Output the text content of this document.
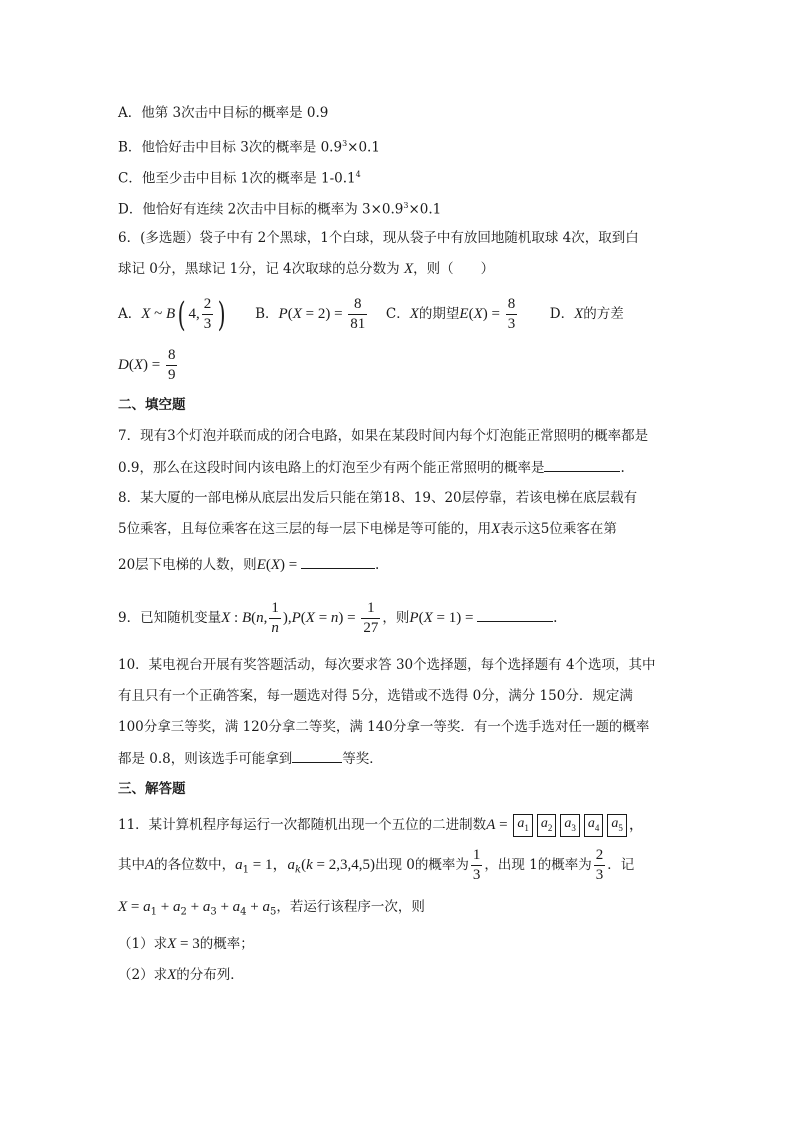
A．他第 3次击中目标的概率是 0.9
B．他恰好击中目标 3次的概率是 $0.9^3\times 0.1$
C．他至少击中目标 1次的概率是 $1-0.1^4$
D．他恰好有连续 2次击中目标的概率为 $3\times 0.9^3\times 0.1$
6．(多选题）袋子中有 2个黑球，1个白球，现从袋子中有放回地随机取球 4次，取到白
球记 0分，黑球记 1分，记 4次取球的总分数为 X，则（　　）
A．X ~ B( 4, $\frac{2}{3}$ ) B．$P(X = 2) = \frac{8}{81}$ C．X的期望$E(X) = \frac{8}{3}$ D．X的方差
$D(X) = \frac{8}{9}$
二、填空题
7．现有3个灯泡并联而成的闭合电路，如果在某段时间内每个灯泡能正常照明的概率都是
0.9，那么在这段时间内该电路上的灯泡至少有两个能正常照明的概率是	.
8．某大厦的一部电梯从底层出发后只能在第18、19、20层停靠，若该电梯在底层载有
5位乘客，且每位乘客在这三层的每一层下电梯是等可能的，用X表示这5位乘客在第
20层下电梯的人数，则E(X) =	.
9．已知随机变量X : B(n, $\frac{1}{n} ),P(X = n) = \frac{1}{27}$ ，则P(X = 1) =	.
10．某电视台开展有奖答题活动，每次要求答 30个选择题，每个选择题有 4个选项，其中
有且只有一个正确答案，每一题选对得 5分，选错或不选得 0分，满分 150分．规定满
100分拿三等奖，满 120分拿二等奖，满 140分拿一等奖．有一个选手选对任一题的概率
都是 0.8，则该选手可能拿到	等奖．
三、解答题
11．某计算机程序每运行一次都随机出现一个五位的二进制数$A = a_1$ $a_2$ $a_3$ $a_4$ $a_5$ ，
其中A的各位数中，$a_1 = 1$，$a_k(k = 2,3,4,5)$出现 0的概率为 $\frac{1}{3}$ ，出现 1的概率为 $\frac{2}{3}$ ．记
$X = a_1 + a_2 + a_3 + a_4 + a_5$，若运行该程序一次，则
（1）求X = 3的概率；
（2）求X的分布列．
